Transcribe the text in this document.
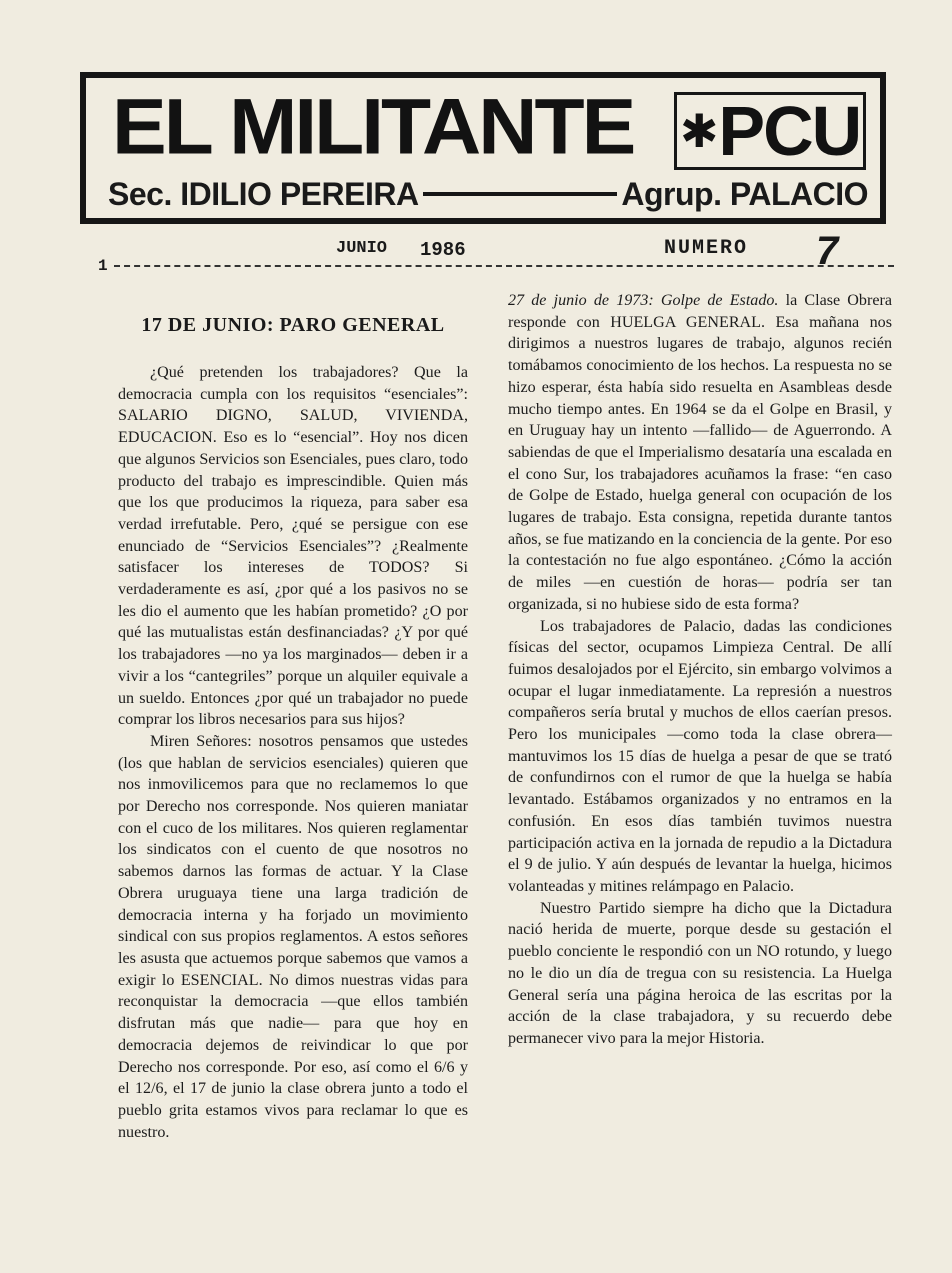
EL MILITANTE ✱ PCU
Sec. IDILIO PEREIRA	Agrup. PALACIO
1
JUNIO 1986	NUMERO 7
17 DE JUNIO: PARO GENERAL

¿Qué pretenden los trabajadores? Que la democracia cumpla con los requisitos “esenciales”: SALARIO DIGNO, SALUD, VIVIENDA, EDUCACION. Eso es lo “esencial”. Hoy nos dicen que algunos Servicios son Esenciales, pues claro, todo producto del trabajo es imprescindible. Quien más que los que producimos la riqueza, para saber esa verdad irrefutable. Pero, ¿qué se persigue con ese enunciado de “Servicios Esenciales”? ¿Realmente satisfacer los intereses de TODOS? Si verdaderamente es así, ¿por qué a los pasivos no se les dio el aumento que les habían prometido? ¿O por qué las mutualistas están desfinanciadas? ¿Y por qué los trabajadores —no ya los marginados— deben ir a vivir a los “cantegriles” porque un alquiler equivale a un sueldo. Entonces ¿por qué un trabajador no puede comprar los libros necesarios para sus hijos?

Miren Señores: nosotros pensamos que ustedes (los que hablan de servicios esenciales) quieren que nos inmovilicemos para que no reclamemos lo que por Derecho nos corresponde. Nos quieren maniatar con el cuco de los militares. Nos quieren reglamentar los sindicatos con el cuento de que nosotros no sabemos darnos las formas de actuar. Y la Clase Obrera uruguaya tiene una larga tradición de democracia interna y ha forjado un movimiento sindical con sus propios reglamentos. A estos señores les asusta que actuemos porque sabemos que vamos a exigir lo ESENCIAL. No dimos nuestras vidas para reconquistar la democracia —que ellos también disfrutan más que nadie— para que hoy en democracia dejemos de reivindicar lo que por Derecho nos corresponde. Por eso, así como el 6/6 y el 12/6, el 17 de junio la clase obrera junto a todo el pueblo grita estamos vivos para reclamar lo que es nuestro.

27 de junio de 1973: Golpe de Estado. la Clase Obrera responde con HUELGA GENERAL. Esa mañana nos dirigimos a nuestros lugares de trabajo, algunos recién tomábamos conocimiento de los hechos. La respuesta no se hizo esperar, ésta había sido resuelta en Asambleas desde mucho tiempo antes. En 1964 se da el Golpe en Brasil, y en Uruguay hay un intento —fallido— de Aguerrondo. A sabiendas de que el Imperialismo desataría una escalada en el cono Sur, los trabajadores acuñamos la frase: “en caso de Golpe de Estado, huelga general con ocupación de los lugares de trabajo. Esta consigna, repetida durante tantos años, se fue matizando en la conciencia de la gente. Por eso la contestación no fue algo espontáneo. ¿Cómo la acción de miles —en cuestión de horas— podría ser tan organizada, si no hubiese sido de esta forma?

Los trabajadores de Palacio, dadas las condiciones físicas del sector, ocupamos Limpieza Central. De allí fuimos desalojados por el Ejército, sin embargo volvimos a ocupar el lugar inmediatamente. La represión a nuestros compañeros sería brutal y muchos de ellos caerían presos. Pero los municipales —como toda la clase obrera— mantuvimos los 15 días de huelga a pesar de que se trató de confundirnos con el rumor de que la huelga se había levantado. Estábamos organizados y no entramos en la confusión. En esos días también tuvimos nuestra participación activa en la jornada de repudio a la Dictadura el 9 de julio. Y aún después de levantar la huelga, hicimos volanteadas y mitines relámpago en Palacio.

Nuestro Partido siempre ha dicho que la Dictadura nació herida de muerte, porque desde su gestación el pueblo conciente le respondió con un NO rotundo, y luego no le dio un día de tregua con su resistencia. La Huelga General sería una página heroica de las escritas por la acción de la clase trabajadora, y su recuerdo debe permanecer vivo para la mejor Historia.
